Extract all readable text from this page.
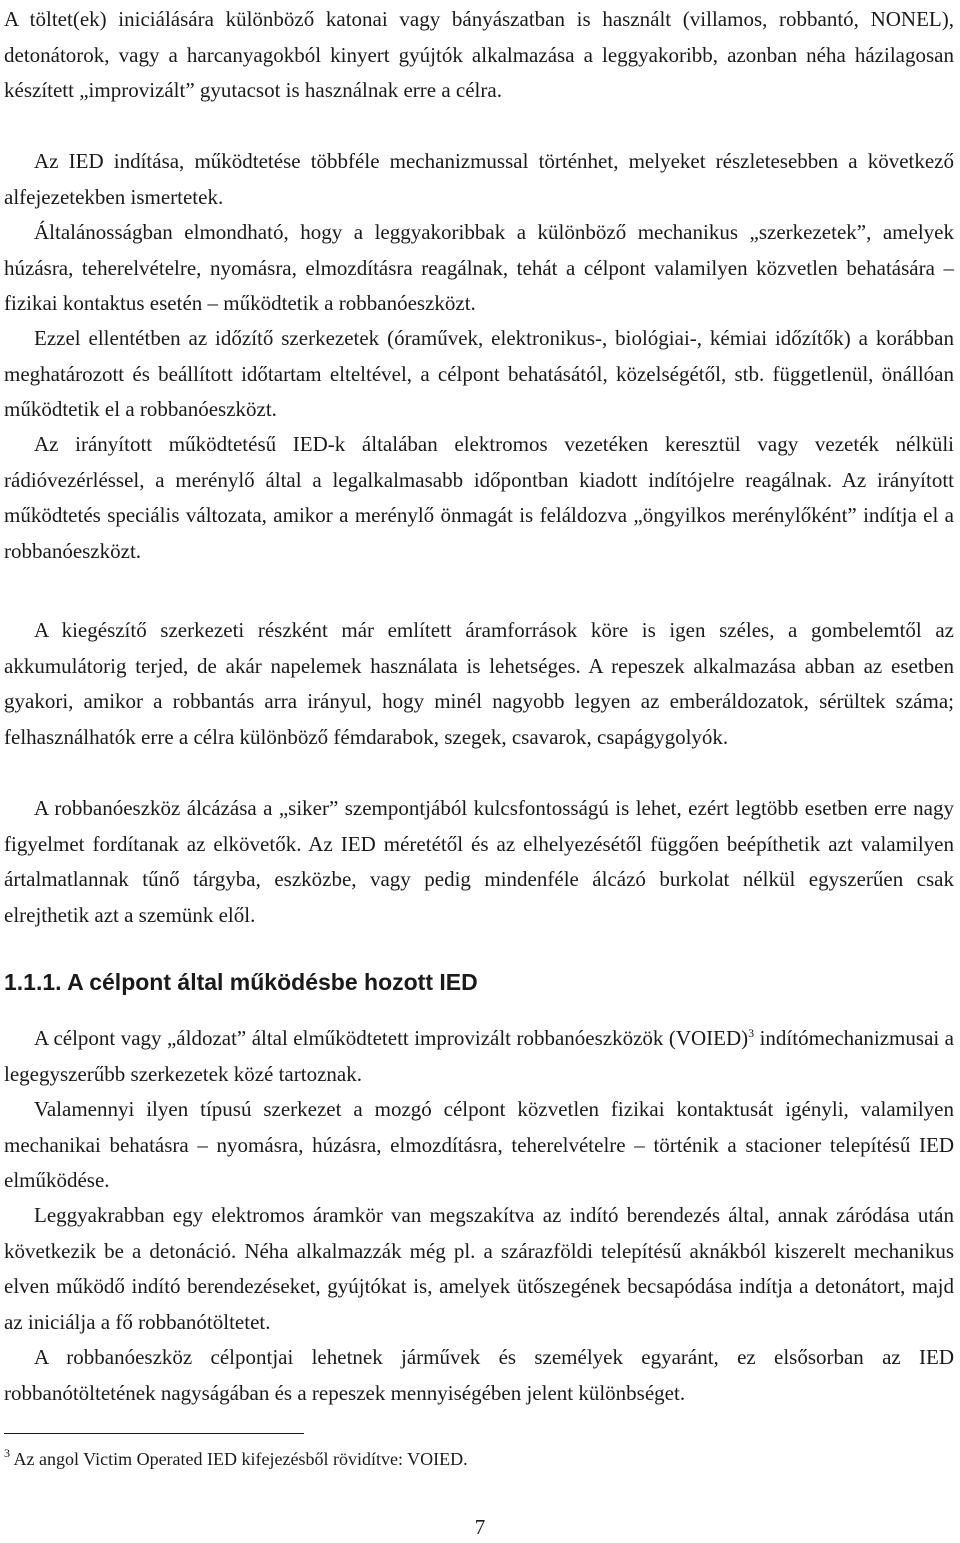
A töltet(ek) iniciálására különböző katonai vagy bányászatban is használt (villamos, robbantó, NONEL), detonátorok, vagy a harcanyagokból kinyert gyújtók alkalmazása a leggyakoribb, azonban néha házilagosan készített „improvizált” gyutacsot is használnak erre a célra.

Az IED indítása, működtetése többféle mechanizmussal történhet, melyeket részletesebben a következő alfejezetekben ismertetek.

Általánosságban elmondható, hogy a leggyakoribbak a különböző mechanikus „szerkezetek”, amelyek húzásra, teherelvételre, nyomásra, elmozdításra reagálnak, tehát a célpont valamilyen közvetlen behatására – fizikai kontaktus esetén – működtetik a robbanóeszközt.

Ezzel ellentétben az időzítő szerkezetek (óraművek, elektronikus-, biológiai-, kémiai időzítők) a korábban meghatározott és beállított időtartam elteltével, a célpont behatásától, közelségétől, stb. függetlenül, önállóan működtetik el a robbanóeszközt.

Az irányított működtetésű IED-k általában elektromos vezetéken keresztül vagy vezeték nélküli rádióvezérléssel, a merénylő által a legalkalmasabb időpontban kiadott indítójelre reagálnak. Az irányított működtetés speciális változata, amikor a merénylő önmagát is feláldozva „öngyilkos merénylőként” indítja el a robbanóeszközt.

A kiegészítő szerkezeti részként már említett áramforrások köre is igen széles, a gombelemtől az akkumulátorig terjed, de akár napelemek használata is lehetséges. A repeszek alkalmazása abban az esetben gyakori, amikor a robbantás arra irányul, hogy minél nagyobb legyen az emberáldozatok, sérültek száma; felhasználhatók erre a célra különböző fémdarabok, szegek, csavarok, csapágygolyók.

A robbanóeszköz álcázása a „siker” szempontjából kulcsfontosságú is lehet, ezért legtöbb esetben erre nagy figyelmet fordítanak az elkövetők. Az IED méretétől és az elhelyezésétől függően beépíthetik azt valamilyen ártalmatlannak tűnő tárgyba, eszközbe, vagy pedig mindenféle álcázó burkolat nélkül egyszerűen csak elrejthetik azt a szemünk elől.

1.1.1. A célpont által működésbe hozott IED

A célpont vagy „áldozat” által elműködtetett improvizált robbanóeszközök (VOIED)$^3$ indítómechanizmusai a legegyszerűbb szerkezetek közé tartoznak.

Valamennyi ilyen típusú szerkezet a mozgó célpont közvetlen fizikai kontaktusát igényli, valamilyen mechanikai behatásra – nyomásra, húzásra, elmozdításra, teherelvételre – történik a stacioner telepítésű IED elműködése.

Leggyakrabban egy elektromos áramkör van megszakítva az indító berendezés által, annak záródása után következik be a detonáció. Néha alkalmazzák még pl. a szárazföldi telepítésű aknákból kiszerelt mechanikus elven működő indító berendezéseket, gyújtókat is, amelyek ütőszegének becsapódása indítja a detonátort, majd az iniciálja a fő robbanótöltetet.

A robbanóeszköz célpontjai lehetnek járművek és személyek egyaránt, ez elsősorban az IED robbanótöltetének nagyságában és a repeszek mennyiségében jelent különbséget.

$^3$ Az angol Victim Operated IED kifejezésből rövidítve: VOIED.

7
